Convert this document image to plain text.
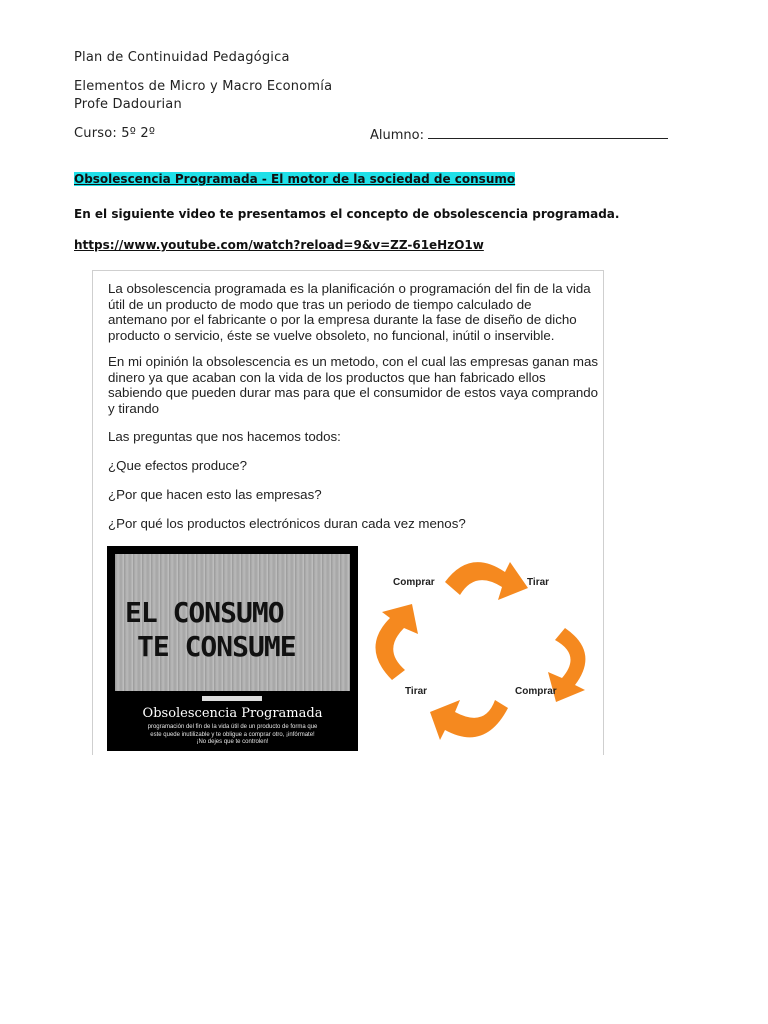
Plan de Continuidad Pedagógica
Elementos de Micro y Macro Economía
Profe Dadourian
Curso: 5º 2º	Alumno:
Obsolescencia Programada - El motor de la sociedad de consumo
En el siguiente video te presentamos el concepto de obsolescencia programada.
https://www.youtube.com/watch?reload=9&v=ZZ-61eHzO1w
La obsolescencia programada es la planificación o programación del fin de la vida
útil de un producto de modo que tras un periodo de tiempo calculado de
antemano por el fabricante o por la empresa durante la fase de diseño de dicho
producto o servicio, éste se vuelve obsoleto, no funcional, inútil o inservible.
En mi opinión la obsolescencia es un metodo, con el cual las empresas ganan mas
dinero ya que acaban con la vida de los productos que han fabricado ellos
sabiendo que pueden durar mas para que el consumidor de estos vaya comprando
y tirando
Las preguntas que nos hacemos todos:
¿Que efectos produce?
¿Por que hacen esto las empresas?
¿Por qué los productos electrónicos duran cada vez menos?
EL CONSUMO
TE CONSUME
Obsolescencia Programada
programación del fin de la vida útil de un producto de forma que
este quede inutilizable y te obligue a comprar otro, ¡infórmate!
¡No dejes que te controlen!
Comprar	Tirar
Tirar	Comprar
